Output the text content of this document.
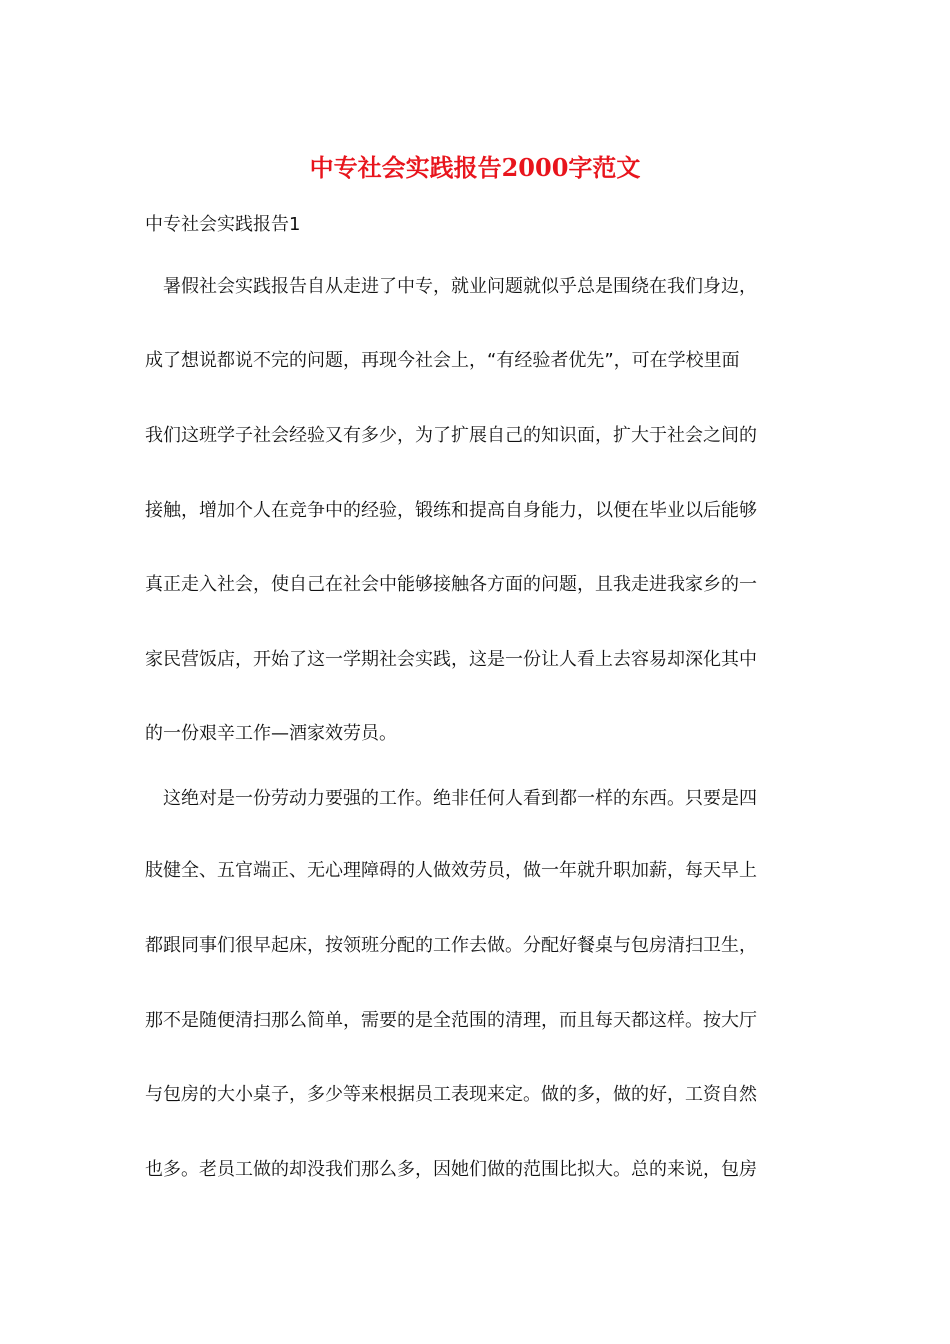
中专社会实践报告2000字范文
中专社会实践报告1

暑假社会实践报告自从走进了中专，就业问题就似乎总是围绕在我们身边，

成了想说都说不完的问题，再现今社会上，“有经验者优先”，可在学校里面

我们这班学子社会经验又有多少，为了扩展自己的知识面，扩大于社会之间的

接触，增加个人在竞争中的经验，锻练和提高自身能力，以便在毕业以后能够

真正走入社会，使自己在社会中能够接触各方面的问题，且我走进我家乡的一

家民营饭店，开始了这一学期社会实践，这是一份让人看上去容易却深化其中

的一份艰辛工作—酒家效劳员。

这绝对是一份劳动力要强的工作。绝非任何人看到都一样的东西。只要是四

肢健全、五官端正、无心理障碍的人做效劳员，做一年就升职加薪，每天早上

都跟同事们很早起床，按领班分配的工作去做。分配好餐桌与包房清扫卫生，

那不是随便清扫那么简单，需要的是全范围的清理，而且每天都这样。按大厅

与包房的大小桌子，多少等来根据员工表现来定。做的多，做的好，工资自然

也多。老员工做的却没我们那么多，因她们做的范围比拟大。总的来说，包房
